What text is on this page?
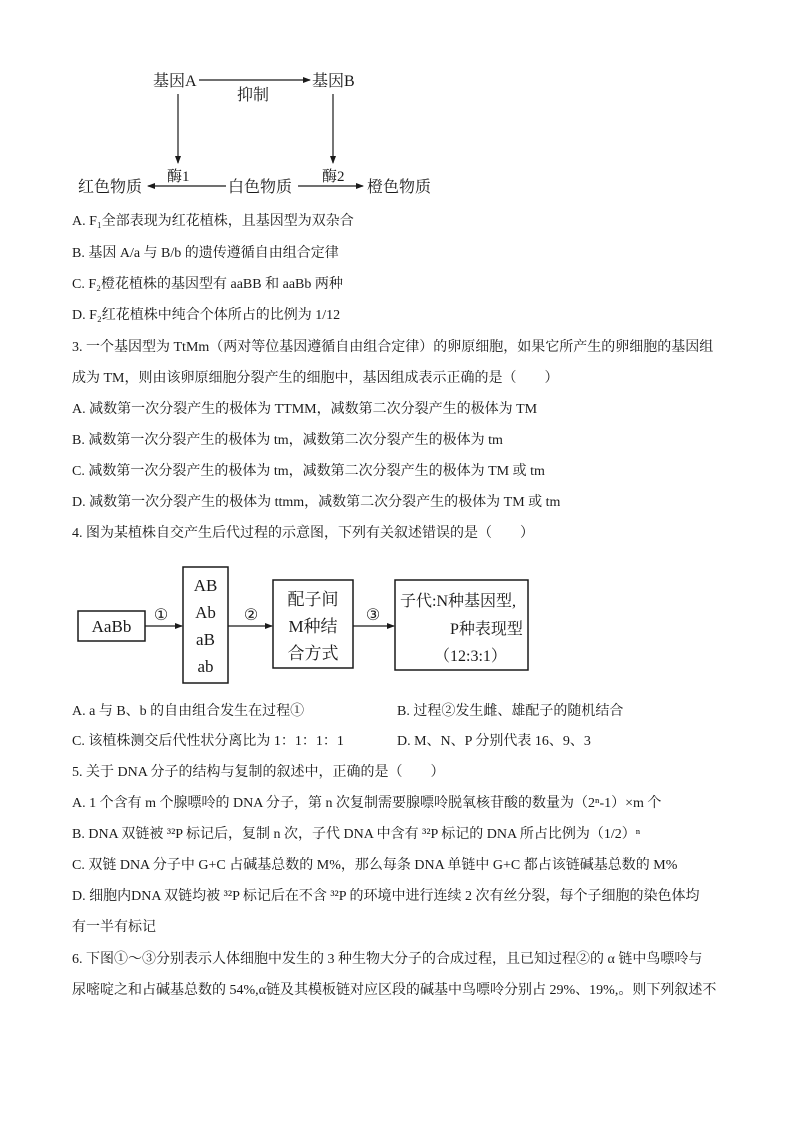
基因A
抑制
基因B
红色物质
酶1
白色物质
酶2
橙色物质

A. F₁全部表现为红花植株，且基因型为双杂合

B. 基因 A/a 与 B/b 的遗传遵循自由组合定律

C. F₂橙花植株的基因型有 aaBB 和 aaBb 两种

D. F₂红花植株中纯合个体所占的比例为 1/12

3. 一个基因型为 TtMm（两对等位基因遵循自由组合定律）的卵原细胞，如果它所产生的卵细胞的基因组

成为 TM，则由该卵原细胞分裂产生的细胞中，基因组成表示正确的是（　　）

A. 减数第一次分裂产生的极体为 TTMM，减数第二次分裂产生的极体为 TM

B. 减数第一次分裂产生的极体为 tm，减数第二次分裂产生的极体为 tm

C. 减数第一次分裂产生的极体为 tm，减数第二次分裂产生的极体为 TM 或 tm

D. 减数第一次分裂产生的极体为 ttmm，减数第二次分裂产生的极体为 TM 或 tm

4. 图为某植株自交产生后代过程的示意图，下列有关叙述错误的是（　　）

AaBb
①
AB
Ab
aB
ab
②
配子间
M种结
合方式
③
子代:N种基因型,
P种表现型
（12:3:1）

A. a 与 B、b 的自由组合发生在过程①	B. 过程②发生雌、雄配子的随机结合

C. 该植株测交后代性状分离比为 1：1：1：1	D. M、N、P 分别代表 16、9、3

5. 关于 DNA 分子的结构与复制的叙述中，正确的是（　　）

A. 1 个含有 m 个腺嘌呤的 DNA 分子，第 n 次复制需要腺嘌呤脱氧核苷酸的数量为（2ⁿ-1）×m 个

B. DNA 双链被 ³²P 标记后，复制 n 次，子代 DNA 中含有 ³²P 标记的 DNA 所占比例为（1/2）ⁿ

C. 双链 DNA 分子中 G+C 占碱基总数的 M%，那么每条 DNA 单链中 G+C 都占该链碱基总数的 M%

D. 细胞内DNA 双链均被 ³²P 标记后在不含 ³²P 的环境中进行连续 2 次有丝分裂，每个子细胞的染色体均

有一半有标记

6. 下图①～③分别表示人体细胞中发生的 3 种生物大分子的合成过程，且已知过程②的 α 链中鸟嘌呤与

尿嘧啶之和占碱基总数的 54%,α链及其模板链对应区段的碱基中鸟嘌呤分别占 29%、19%,。则下列叙述不
